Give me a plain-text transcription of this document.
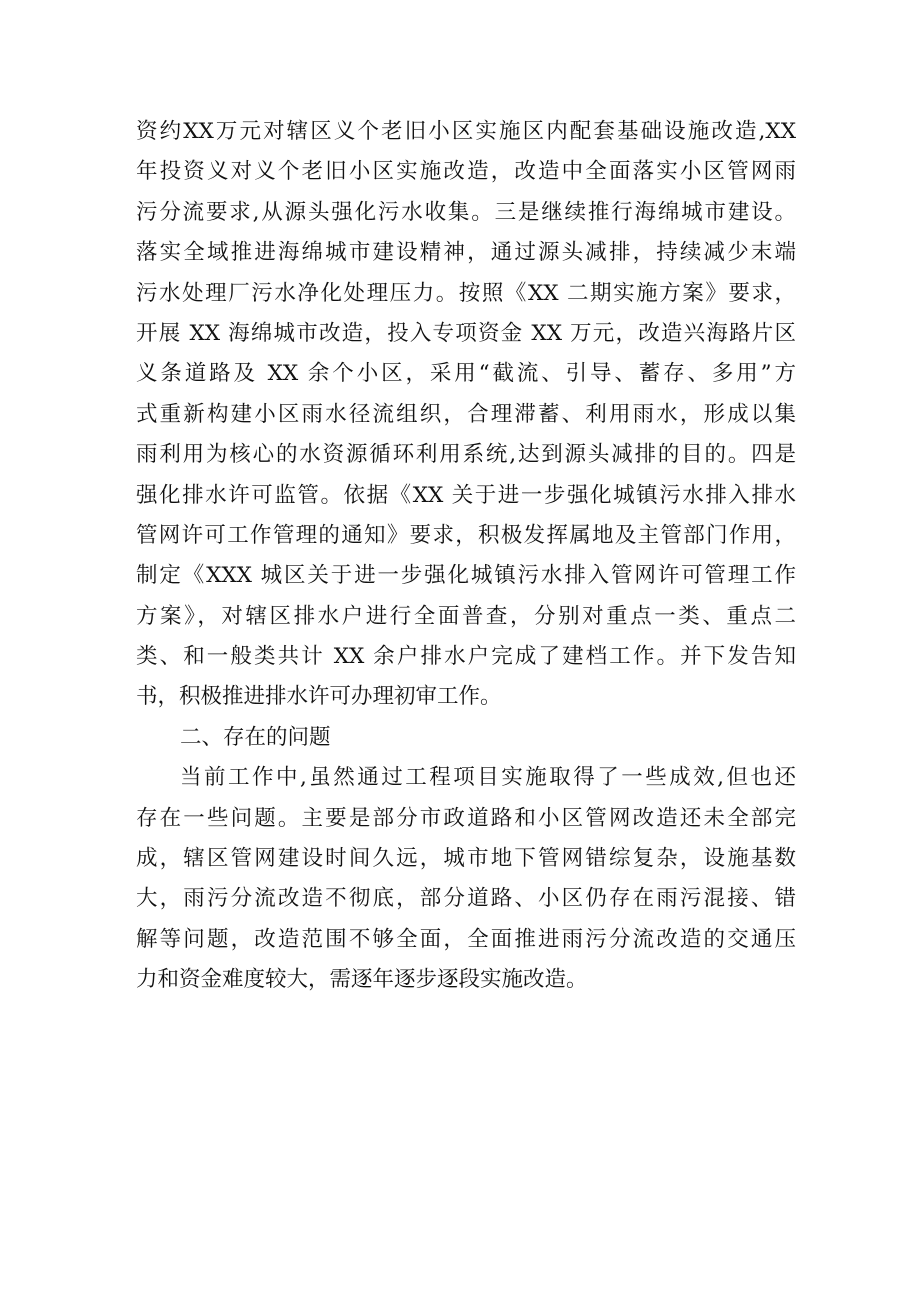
资约XX万元对辖区义个老旧小区实施区内配套基础设施改造,XX
年投资义对义个老旧小区实施改造，改造中全面落实小区管网雨
污分流要求,从源头强化污水收集。三是继续推行海绵城市建设。
落实全域推进海绵城市建设精神，通过源头减排，持续减少末端
污水处理厂污水净化处理压力。按照《XX 二期实施方案》要求，
开展 XX 海绵城市改造，投入专项资金 XX 万元，改造兴海路片区
义条道路及 XX 余个小区，采用“截流、引导、蓄存、多用”方
式重新构建小区雨水径流组织，合理滞蓄、利用雨水，形成以集
雨利用为核心的水资源循环利用系统,达到源头减排的目的。四是
强化排水许可监管。依据《XX 关于进一步强化城镇污水排入排水
管网许可工作管理的通知》要求，积极发挥属地及主管部门作用，
制定《XXX 城区关于进一步强化城镇污水排入管网许可管理工作
方案》，对辖区排水户进行全面普查，分别对重点一类、重点二
类、和一般类共计 XX 余户排水户完成了建档工作。并下发告知
书，积极推进排水许可办理初审工作。
二、存在的问题
当前工作中,虽然通过工程项目实施取得了一些成效,但也还
存在一些问题。主要是部分市政道路和小区管网改造还未全部完
成，辖区管网建设时间久远，城市地下管网错综复杂，设施基数
大，雨污分流改造不彻底，部分道路、小区仍存在雨污混接、错
解等问题，改造范围不够全面，全面推进雨污分流改造的交通压
力和资金难度较大，需逐年逐步逐段实施改造。
